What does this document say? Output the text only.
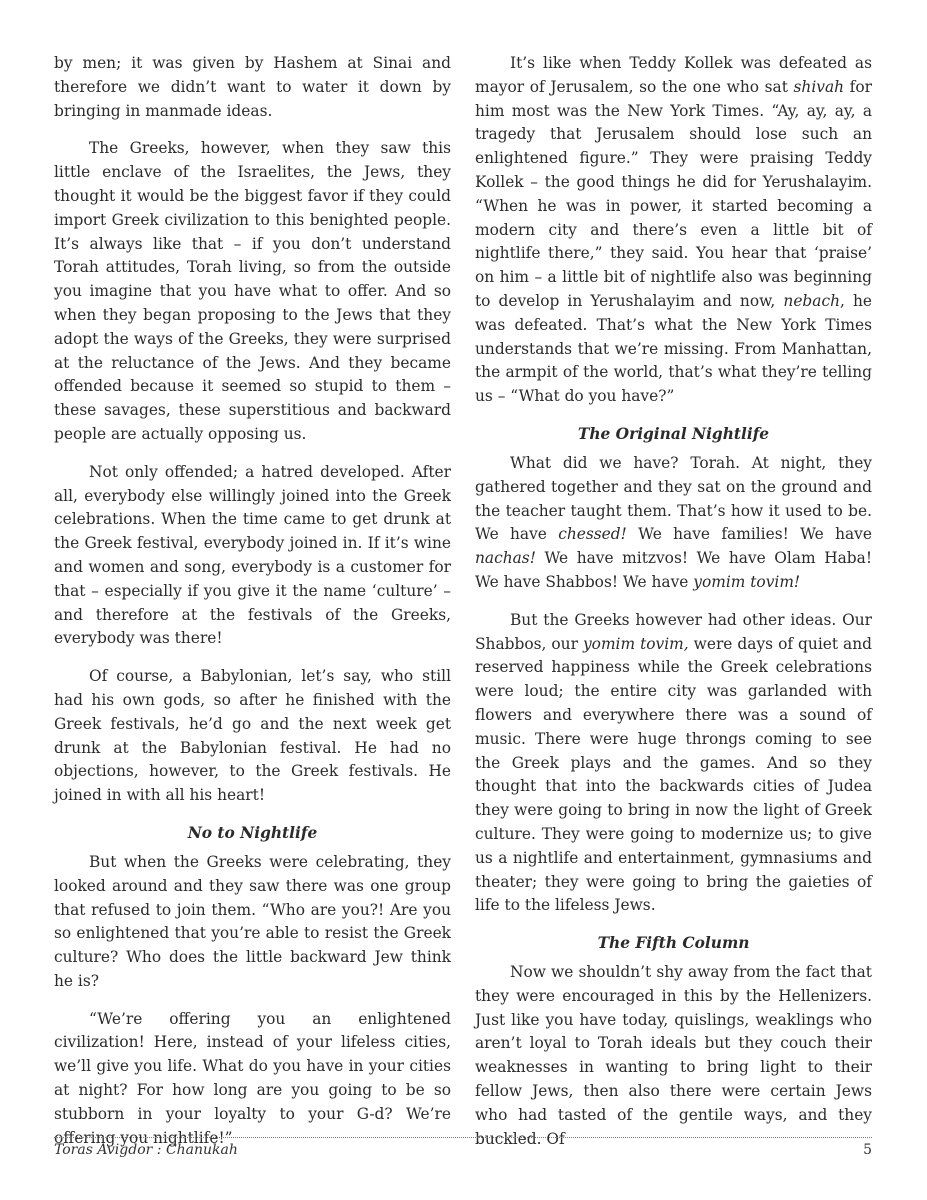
by men; it was given by Hashem at Sinai and therefore we didn’t want to water it down by bringing in manmade ideas.

The Greeks, however, when they saw this little enclave of the Israelites, the Jews, they thought it would be the biggest favor if they could import Greek civilization to this benighted people. It’s always like that – if you don’t understand Torah attitudes, Torah living, so from the outside you imagine that you have what to offer. And so when they began proposing to the Jews that they adopt the ways of the Greeks, they were surprised at the reluctance of the Jews. And they became offended because it seemed so stupid to them – these savages, these superstitious and backward people are actually opposing us.

Not only offended; a hatred developed. After all, everybody else willingly joined into the Greek celebrations. When the time came to get drunk at the Greek festival, everybody joined in. If it’s wine and women and song, everybody is a customer for that – especially if you give it the name ‘culture’ – and therefore at the festivals of the Greeks, everybody was there!

Of course, a Babylonian, let’s say, who still had his own gods, so after he finished with the Greek festivals, he’d go and the next week get drunk at the Babylonian festival. He had no objections, however, to the Greek festivals. He joined in with all his heart!

No to Nightlife

But when the Greeks were celebrating, they looked around and they saw there was one group that refused to join them. “Who are you?! Are you so enlightened that you’re able to resist the Greek culture? Who does the little backward Jew think he is?

“We’re offering you an enlightened civilization! Here, instead of your lifeless cities, we’ll give you life. What do you have in your cities at night? For how long are you going to be so stubborn in your loyalty to your G-d? We’re offering you nightlife!”

It’s like when Teddy Kollek was defeated as mayor of Jerusalem, so the one who sat shivah for him most was the New York Times. “Ay, ay, ay, a tragedy that Jerusalem should lose such an enlightened figure.” They were praising Teddy Kollek – the good things he did for Yerushalayim. “When he was in power, it started becoming a modern city and there’s even a little bit of nightlife there,” they said. You hear that ‘praise’ on him – a little bit of nightlife also was beginning to develop in Yerushalayim and now, nebach, he was defeated. That’s what the New York Times understands that we’re missing. From Manhattan, the armpit of the world, that’s what they’re telling us – “What do you have?”

The Original Nightlife

What did we have? Torah. At night, they gathered together and they sat on the ground and the teacher taught them. That’s how it used to be. We have chessed! We have families! We have nachas! We have mitzvos! We have Olam Haba! We have Shabbos! We have yomim tovim!

But the Greeks however had other ideas. Our Shabbos, our yomim tovim, were days of quiet and reserved happiness while the Greek celebrations were loud; the entire city was garlanded with flowers and everywhere there was a sound of music. There were huge throngs coming to see the Greek plays and the games. And so they thought that into the backwards cities of Judea they were going to bring in now the light of Greek culture. They were going to modernize us; to give us a nightlife and entertainment, gymnasiums and theater; they were going to bring the gaieties of life to the lifeless Jews.

The Fifth Column

Now we shouldn’t shy away from the fact that they were encouraged in this by the Hellenizers. Just like you have today, quislings, weaklings who aren’t loyal to Torah ideals but they couch their weaknesses in wanting to bring light to their fellow Jews, then also there were certain Jews who had tasted of the gentile ways, and they buckled. Of

Toras Avigdor : Chanukah	5
